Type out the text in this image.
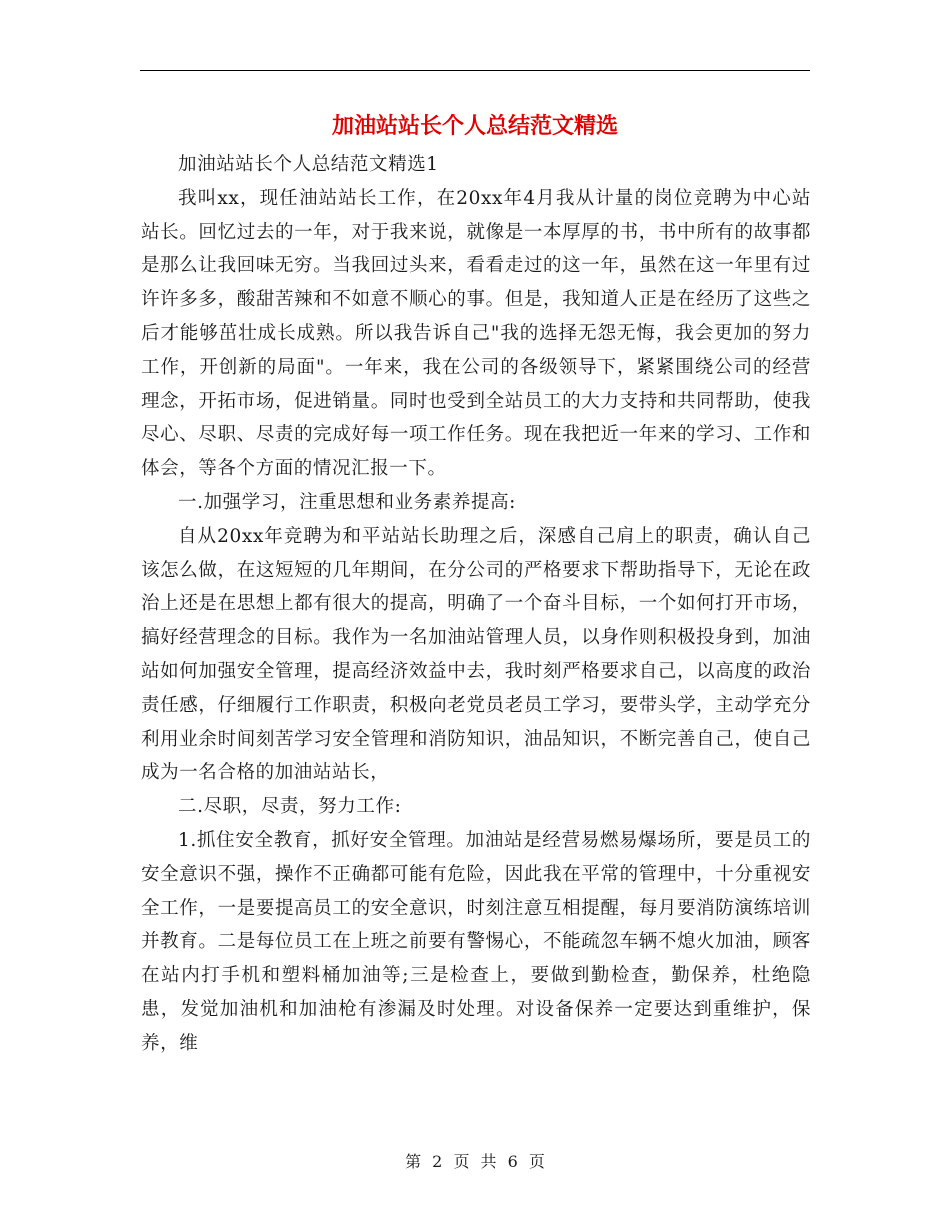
加油站站长个人总结范文精选

加油站站长个人总结范文精选1

我叫xx，现任油站站长工作，在20xx年4月我从计量的岗位竞聘为中心站站长。回忆过去的一年，对于我来说，就像是一本厚厚的书，书中所有的故事都是那么让我回味无穷。当我回过头来，看看走过的这一年，虽然在这一年里有过许许多多，酸甜苦辣和不如意不顺心的事。但是，我知道人正是在经历了这些之后才能够茁壮成长成熟。所以我告诉自己"我的选择无怨无悔，我会更加的努力工作，开创新的局面"。一年来，我在公司的各级领导下，紧紧围绕公司的经营理念，开拓市场，促进销量。同时也受到全站员工的大力支持和共同帮助，使我尽心、尽职、尽责的完成好每一项工作任务。现在我把近一年来的学习、工作和体会，等各个方面的情况汇报一下。

一.加强学习，注重思想和业务素养提高:

自从20xx年竞聘为和平站站长助理之后，深感自己肩上的职责，确认自己该怎么做，在这短短的几年期间，在分公司的严格要求下帮助指导下，无论在政治上还是在思想上都有很大的提高，明确了一个奋斗目标，一个如何打开市场，搞好经营理念的目标。我作为一名加油站管理人员，以身作则积极投身到，加油站如何加强安全管理，提高经济效益中去，我时刻严格要求自己，以高度的政治责任感，仔细履行工作职责，积极向老党员老员工学习，要带头学，主动学充分利用业余时间刻苦学习安全管理和消防知识，油品知识，不断完善自己，使自己成为一名合格的加油站站长，

二.尽职，尽责，努力工作:

1.抓住安全教育，抓好安全管理。加油站是经营易燃易爆场所，要是员工的安全意识不强，操作不正确都可能有危险，因此我在平常的管理中，十分重视安全工作，一是要提高员工的安全意识，时刻注意互相提醒，每月要消防演练培训并教育。二是每位员工在上班之前要有警惕心，不能疏忽车辆不熄火加油，顾客在站内打手机和塑料桶加油等;三是检查上，要做到勤检查，勤保养，杜绝隐患，发觉加油机和加油枪有渗漏及时处理。对设备保养一定要达到重维护，保养，维

第 2 页 共 6 页
